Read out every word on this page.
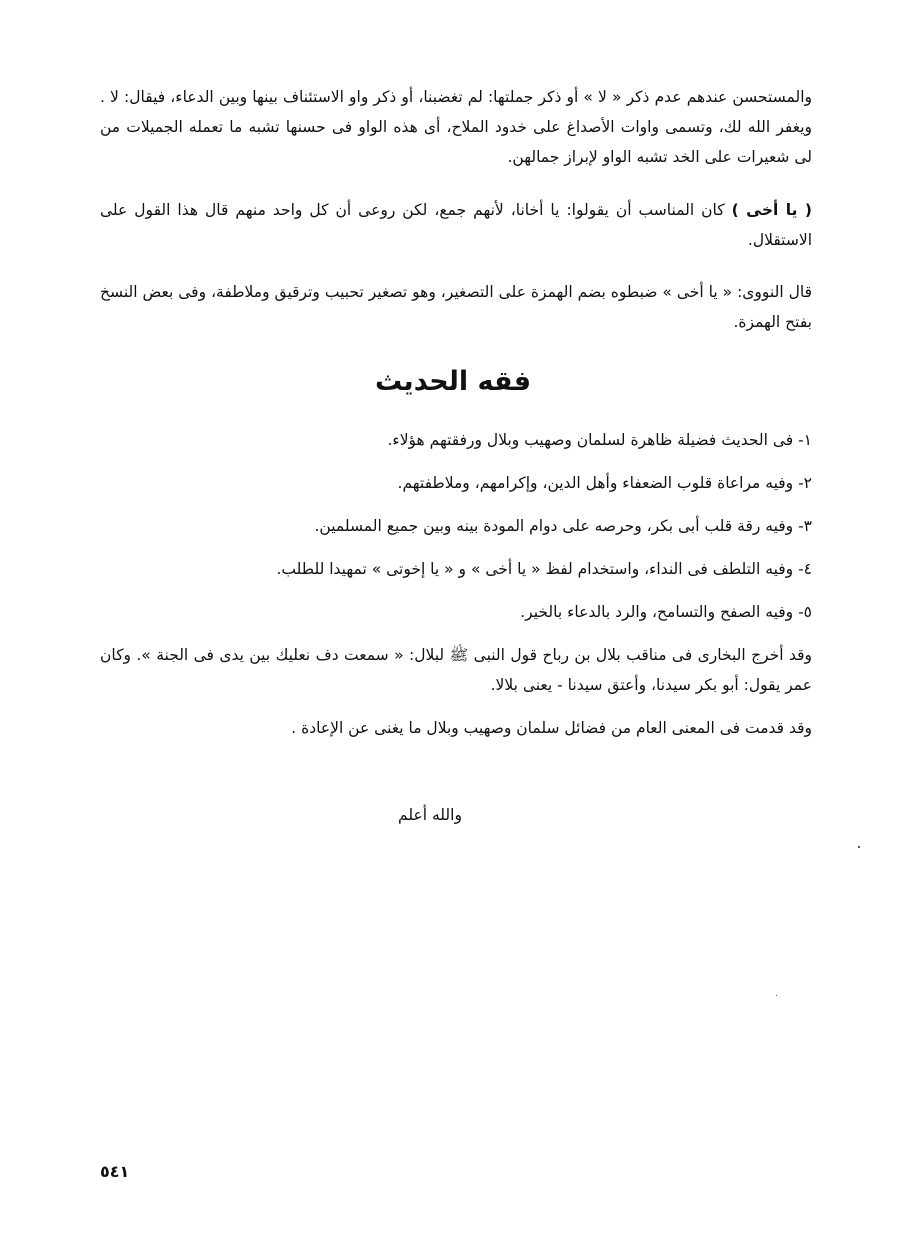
والمستحسن عندهم عدم ذكر « لا » أو ذكر جملتها: لم تغضبنا، أو ذكر واو الاستئناف بينها وبين الدعاء، فيقال: لا . ويغفر الله لك، وتسمى واوات الأصداغ على خدود الملاح، أى هذه الواو فى حسنها تشبه ما تعمله الجميلات من لى شعيرات على الخد تشبه الواو لإبراز جمالهن.

( يا أخى ) كان المناسب أن يقولوا: يا أخانا، لأنهم جمع، لكن روعى أن كل واحد منهم قال هذا القول على الاستقلال.

قال النووى: « يا أخى » ضبطوه بضم الهمزة على التصغير، وهو تصغير تحبيب وترقيق وملاطفة، وفى بعض النسخ بفتح الهمزة.

فقه الحديث

١- فى الحديث فضيلة ظاهرة لسلمان وصهيب وبلال ورفقتهم هؤلاء.

٢- وفيه مراعاة قلوب الضعفاء وأهل الدين، وإكرامهم، وملاطفتهم.

٣- وفيه رقة قلب أبى بكر، وحرصه على دوام المودة بينه وبين جميع المسلمين.

٤- وفيه التلطف فى النداء، واستخدام لفظ « يا أخى » و « يا إخوتى » تمهيدا للطلب.

٥- وفيه الصفح والتسامح، والرد بالدعاء بالخير.

وقد أخرج البخارى فى مناقب بلال بن رباح قول النبى ﷺ لبلال: « سمعت دف نعليك بين يدى فى الجنة ». وكان عمر يقول: أبو بكر سيدنا، وأعتق سيدنا - يعنى بلالا.

وقد قدمت فى المعنى العام من فضائل سلمان وصهيب وبلال ما يغنى عن الإعادة .

والله أعلم

٥٤١
